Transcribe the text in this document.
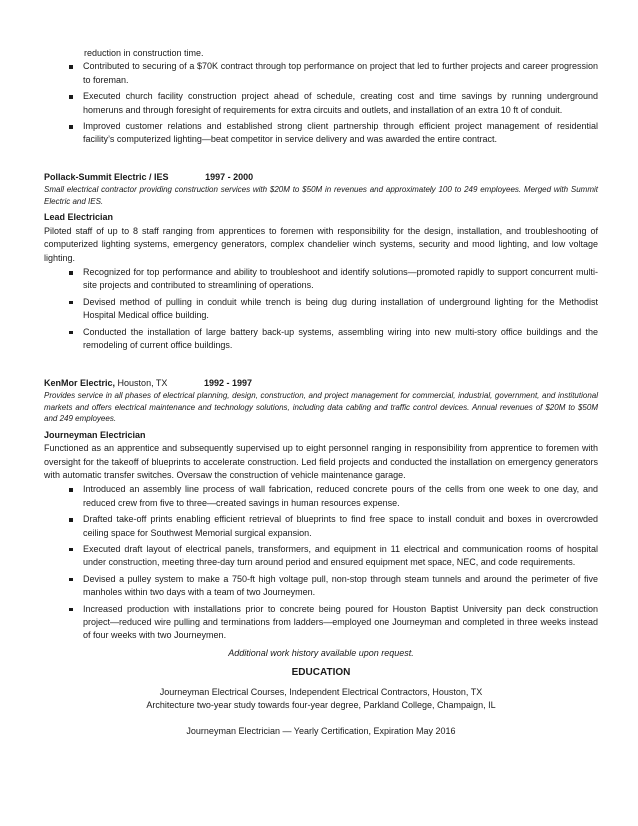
reduction in construction time.
Contributed to securing of a $70K contract through top performance on project that led to further projects and career progression to foreman.
Executed church facility construction project ahead of schedule, creating cost and time savings by running underground homeruns and through foresight of requirements for extra circuits and outlets, and installation of an extra 10 ft of conduit.
Improved customer relations and established strong client partnership through efficient project management of residential facility’s computerized lighting—beat competitor in service delivery and was awarded the entire contract.
Pollack-Summit Electric / IES	1997 - 2000
Small electrical contractor providing construction services with $20M to $50M in revenues and approximately 100 to 249 employees. Merged with Summit Electric and IES.
Lead Electrician
Piloted staff of up to 8 staff ranging from apprentices to foremen with responsibility for the design, installation, and troubleshooting of computerized lighting systems, emergency generators, complex chandelier winch systems, security and mood lighting, and low voltage lighting.
Recognized for top performance and ability to troubleshoot and identify solutions—promoted rapidly to support concurrent multi-site projects and contributed to streamlining of operations.
Devised method of pulling in conduit while trench is being dug during installation of underground lighting for the Methodist Hospital Medical office building.
Conducted the installation of large battery back-up systems, assembling wiring into new multi-story office buildings and the remodeling of current office buildings.
KenMor Electric, Houston, TX	1992 - 1997
Provides service in all phases of electrical planning, design, construction, and project management for commercial, industrial, government, and institutional markets and offers electrical maintenance and technology solutions, including data cabling and traffic control devices. Annual revenues of $20M to $50M and 249 employees.
Journeyman Electrician
Functioned as an apprentice and subsequently supervised up to eight personnel ranging in responsibility from apprentice to foremen with oversight for the takeoff of blueprints to accelerate construction. Led field projects and conducted the installation on emergency generators with automatic transfer switches. Oversaw the construction of vehicle maintenance garage.
Introduced an assembly line process of wall fabrication, reduced concrete pours of the cells from one week to one day, and reduced crew from five to three—created savings in human resources expense.
Drafted take-off prints enabling efficient retrieval of blueprints to find free space to install conduit and boxes in overcrowded ceiling space for Southwest Memorial surgical expansion.
Executed draft layout of electrical panels, transformers, and equipment in 11 electrical and communication rooms of hospital under construction, meeting three-day turn around period and ensured equipment met space, NEC, and code requirements.
Devised a pulley system to make a 750-ft high voltage pull, non-stop through steam tunnels and around the perimeter of five manholes within two days with a team of two Journeymen.
Increased production with installations prior to concrete being poured for Houston Baptist University pan deck construction project—reduced wire pulling and terminations from ladders—employed one Journeyman and completed in three weeks instead of four weeks with two Journeymen.
Additional work history available upon request.
EDUCATION
Journeyman Electrical Courses, Independent Electrical Contractors, Houston, TX
Architecture two-year study towards four-year degree, Parkland College, Champaign, IL
Journeyman Electrician — Yearly Certification, Expiration May 2016
